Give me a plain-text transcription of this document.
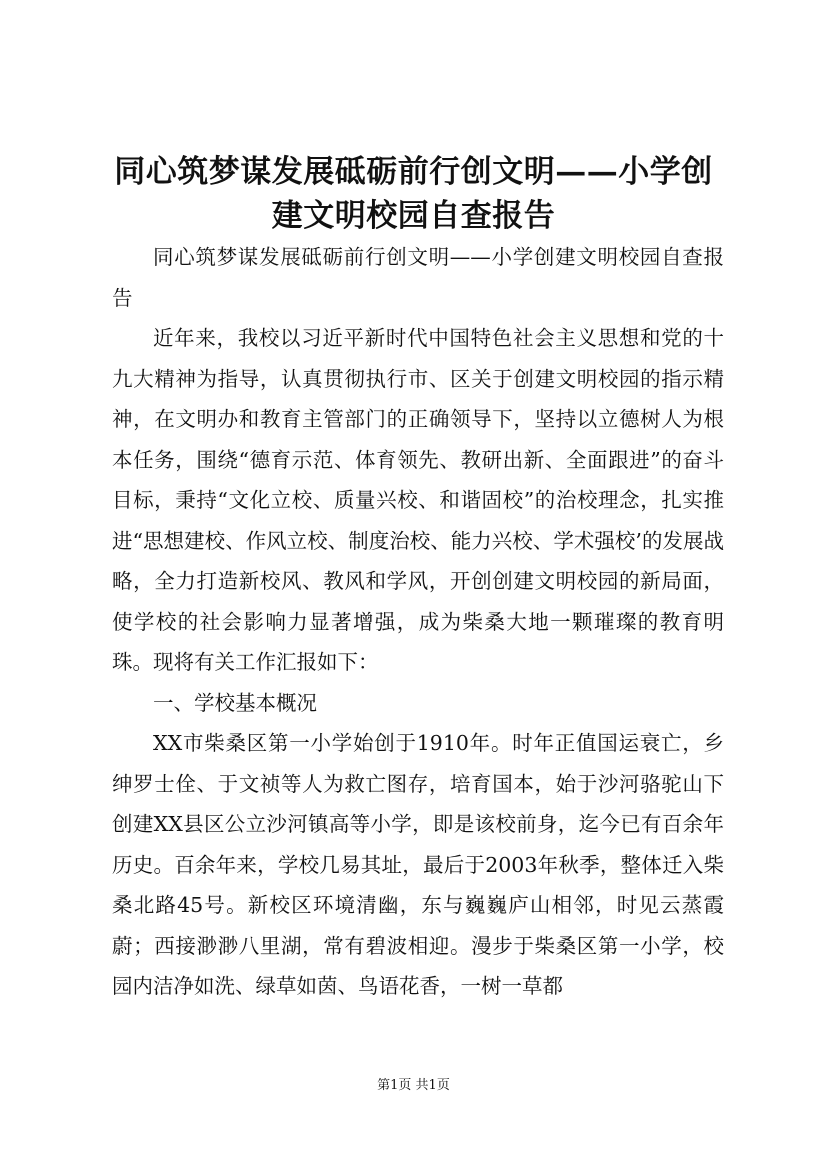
同心筑梦谋发展砥砺前行创文明——小学创建文明校园自查报告

同心筑梦谋发展砥砺前行创文明——小学创建文明校园自查报告

近年来，我校以习近平新时代中国特色社会主义思想和党的十九大精神为指导，认真贯彻执行市、区关于创建文明校园的指示精神，在文明办和教育主管部门的正确领导下，坚持以立德树人为根本任务，围绕“德育示范、体育领先、教研出新、全面跟进”的奋斗目标，秉持“文化立校、质量兴校、和谐固校”的治校理念，扎实推进“思想建校、作风立校、制度治校、能力兴校、学术强校’的发展战略，全力打造新校风、教风和学风，开创创建文明校园的新局面，使学校的社会影响力显著增强，成为柴桑大地一颗璀璨的教育明珠。现将有关工作汇报如下：

一、学校基本概况

XX市柴桑区第一小学始创于1910年。时年正值国运衰亡，乡绅罗士佺、于文祯等人为救亡图存，培育国本，始于沙河骆驼山下创建XX县区公立沙河镇高等小学，即是该校前身，迄今已有百余年历史。百余年来，学校几易其址，最后于2003年秋季，整体迁入柴桑北路45号。新校区环境清幽，东与巍巍庐山相邻，时见云蒸霞蔚；西接渺渺八里湖，常有碧波相迎。漫步于柴桑区第一小学，校园内洁净如洗、绿草如茵、鸟语花香，一树一草都

第1页 共1页
